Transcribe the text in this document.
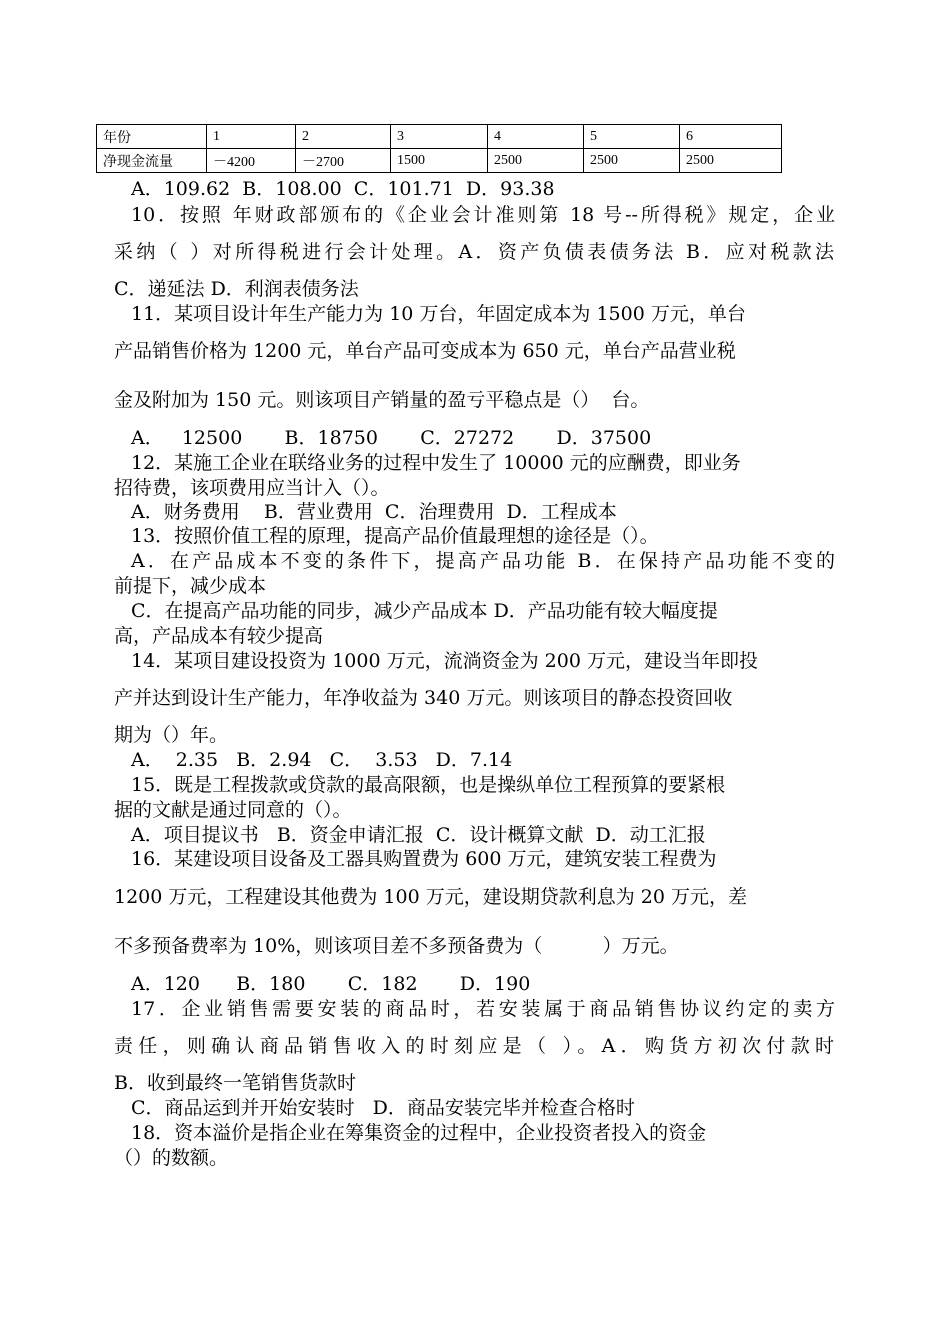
年份	1	2	3	4	5	6
净现金流量	－4200	－2700	1500	2500	2500	2500
A．109.62  B．108.00  C．101.71  D．93.38
10．按照 年财政部颁布的《企业会计准则第 18 号--所得税》规定，企业
采纳（ ）对所得税进行会计处理。A．资产负债表债务法 B．应对税款法
C．递延法 D．利润表债务法
11．某项目设计年生产能力为 10 万台，年固定成本为 1500 万元，单台
产品销售价格为 1200 元，单台产品可变成本为 650 元，单台产品营业税
金及附加为 150 元。则该项目产销量的盈亏平稳点是（）  台。
A．   12500       B．18750       C．27272       D．37500
12．某施工企业在联络业务的过程中发生了 10000 元的应酬费，即业务
招待费，该项费用应当计入（）。
A．财务费用    B．营业费用  C．治理费用  D．工程成本
13．按照价值工程的原理，提高产品价值最理想的途径是（）。
A．在产品成本不变的条件下，提高产品功能 B．在保持产品功能不变的
前提下，减少成本
C．在提高产品功能的同步，减少产品成本 D．产品功能有较大幅度提
高，产品成本有较少提高
14．某项目建设投资为 1000 万元，流淌资金为 200 万元，建设当年即投
产并达到设计生产能力，年净收益为 340 万元。则该项目的静态投资回收
期为（）年。
A．  2.35   B．2.94   C．  3.53   D．7.14
15．既是工程拨款或贷款的最高限额，也是操纵单位工程预算的要紧根
据的文献是通过同意的（）。
A．项目提议书   B．资金申请汇报  C．设计概算文献  D．动工汇报
16．某建设项目设备及工器具购置费为 600 万元，建筑安装工程费为
1200 万元，工程建设其他费为 100 万元，建设期贷款利息为 20 万元，差
不多预备费率为 10%，则该项目差不多预备费为（          ）万元。
A．120      B．180       C．182       D．190
17．企业销售需要安装的商品时，若安装属于商品销售协议约定的卖方
责任，则确认商品销售收入的时刻应是（ ）。A．购货方初次付款时
B．收到最终一笔销售货款时
C．商品运到并开始安装时   D．商品安装完毕并检查合格时
18．资本溢价是指企业在筹集资金的过程中，企业投资者投入的资金
（）的数额。
